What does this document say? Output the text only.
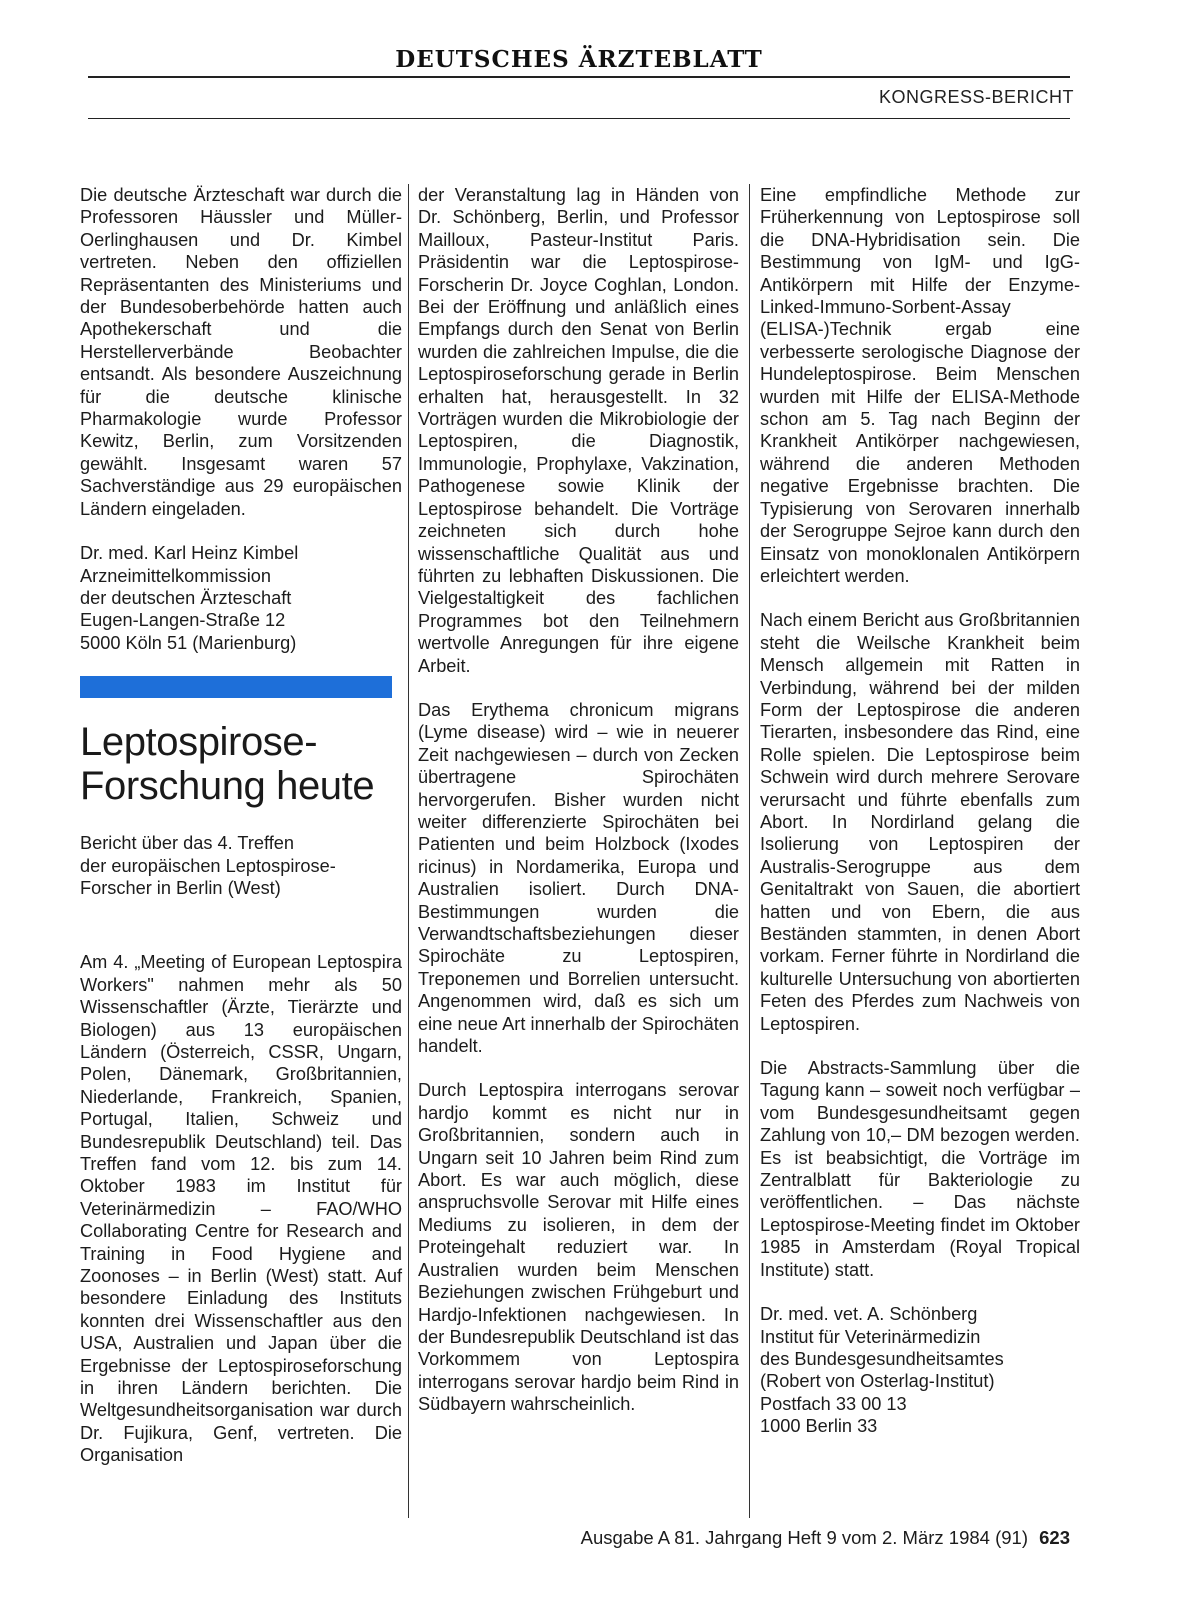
DEUTSCHES ÄRZTEBLATT
KONGRESS-BERICHT

Die deutsche Ärzteschaft war durch die Professoren Häussler und Müller-Oerlinghausen und Dr. Kimbel vertreten. Neben den offiziellen Repräsentanten des Ministeriums und der Bundesoberbehörde hatten auch Apothekerschaft und die Herstellerverbände Beobachter entsandt. Als besondere Auszeichnung für die deutsche klinische Pharmakologie wurde Professor Kewitz, Berlin, zum Vorsitzenden gewählt. Insgesamt waren 57 Sachverständige aus 29 europäischen Ländern eingeladen.

Dr. med. Karl Heinz Kimbel
Arzneimittelkommission
der deutschen Ärzteschaft
Eugen-Langen-Straße 12
5000 Köln 51 (Marienburg)
Leptospirose-
Forschung heute
Bericht über das 4. Treffen
der europäischen Leptospirose-
Forscher in Berlin (West)

Am 4. „Meeting of European Leptospira Workers" nahmen mehr als 50 Wissenschaftler (Ärzte, Tierärzte und Biologen) aus 13 europäischen Ländern (Österreich, CSSR, Ungarn, Polen, Dänemark, Großbritannien, Niederlande, Frankreich, Spanien, Portugal, Italien, Schweiz und Bundesrepublik Deutschland) teil. Das Treffen fand vom 12. bis zum 14. Oktober 1983 im Institut für Veterinärmedizin – FAO/WHO Collaborating Centre for Research and Training in Food Hygiene and Zoonoses – in Berlin (West) statt. Auf besondere Einladung des Instituts konnten drei Wissenschaftler aus den USA, Australien und Japan über die Ergebnisse der Leptospiroseforschung in ihren Ländern berichten. Die Weltgesundheitsorganisation war durch Dr. Fujikura, Genf, vertreten. Die Organisation

der Veranstaltung lag in Händen von Dr. Schönberg, Berlin, und Professor Mailloux, Pasteur-Institut Paris. Präsidentin war die Leptospirose-Forscherin Dr. Joyce Coghlan, London. Bei der Eröffnung und anläßlich eines Empfangs durch den Senat von Berlin wurden die zahlreichen Impulse, die die Leptospiroseforschung gerade in Berlin erhalten hat, herausgestellt. In 32 Vorträgen wurden die Mikrobiologie der Leptospiren, die Diagnostik, Immunologie, Prophylaxe, Vakzination, Pathogenese sowie Klinik der Leptospirose behandelt. Die Vorträge zeichneten sich durch hohe wissenschaftliche Qualität aus und führten zu lebhaften Diskussionen. Die Vielgestaltigkeit des fachlichen Programmes bot den Teilnehmern wertvolle Anregungen für ihre eigene Arbeit.

Das Erythema chronicum migrans (Lyme disease) wird – wie in neuerer Zeit nachgewiesen – durch von Zecken übertragene Spirochäten hervorgerufen. Bisher wurden nicht weiter differenzierte Spirochäten bei Patienten und beim Holzbock (Ixodes ricinus) in Nordamerika, Europa und Australien isoliert. Durch DNA-Bestimmungen wurden die Verwandtschaftsbeziehungen dieser Spirochäte zu Leptospiren, Treponemen und Borrelien untersucht. Angenommen wird, daß es sich um eine neue Art innerhalb der Spirochäten handelt.

Durch Leptospira interrogans serovar hardjo kommt es nicht nur in Großbritannien, sondern auch in Ungarn seit 10 Jahren beim Rind zum Abort. Es war auch möglich, diese anspruchsvolle Serovar mit Hilfe eines Mediums zu isolieren, in dem der Proteingehalt reduziert war. In Australien wurden beim Menschen Beziehungen zwischen Frühgeburt und Hardjo-Infektionen nachgewiesen. In der Bundesrepublik Deutschland ist das Vorkommem von Leptospira interrogans serovar hardjo beim Rind in Südbayern wahrscheinlich.

Eine empfindliche Methode zur Früherkennung von Leptospirose soll die DNA-Hybridisation sein. Die Bestimmung von IgM- und IgG-Antikörpern mit Hilfe der Enzyme-Linked-Immuno-Sorbent-Assay (ELISA-)Technik ergab eine verbesserte serologische Diagnose der Hundeleptospirose. Beim Menschen wurden mit Hilfe der ELISA-Methode schon am 5. Tag nach Beginn der Krankheit Antikörper nachgewiesen, während die anderen Methoden negative Ergebnisse brachten. Die Typisierung von Serovaren innerhalb der Serogruppe Sejroe kann durch den Einsatz von monoklonalen Antikörpern erleichtert werden.

Nach einem Bericht aus Großbritannien steht die Weilsche Krankheit beim Mensch allgemein mit Ratten in Verbindung, während bei der milden Form der Leptospirose die anderen Tierarten, insbesondere das Rind, eine Rolle spielen. Die Leptospirose beim Schwein wird durch mehrere Serovare verursacht und führte ebenfalls zum Abort. In Nordirland gelang die Isolierung von Leptospiren der Australis-Serogruppe aus dem Genitaltrakt von Sauen, die abortiert hatten und von Ebern, die aus Beständen stammten, in denen Abort vorkam. Ferner führte in Nordirland die kulturelle Untersuchung von abortierten Feten des Pferdes zum Nachweis von Leptospiren.

Die Abstracts-Sammlung über die Tagung kann – soweit noch verfügbar – vom Bundesgesundheitsamt gegen Zahlung von 10,– DM bezogen werden. Es ist beabsichtigt, die Vorträge im Zentralblatt für Bakteriologie zu veröffentlichen. – Das nächste Leptospirose-Meeting findet im Oktober 1985 in Amsterdam (Royal Tropical Institute) statt.

Dr. med. vet. A. Schönberg
Institut für Veterinärmedizin
des Bundesgesundheitsamtes
(Robert von Osterlag-Institut)
Postfach 33 00 13
1000 Berlin 33
Ausgabe A 81. Jahrgang Heft 9 vom 2. März 1984 (91) 623
